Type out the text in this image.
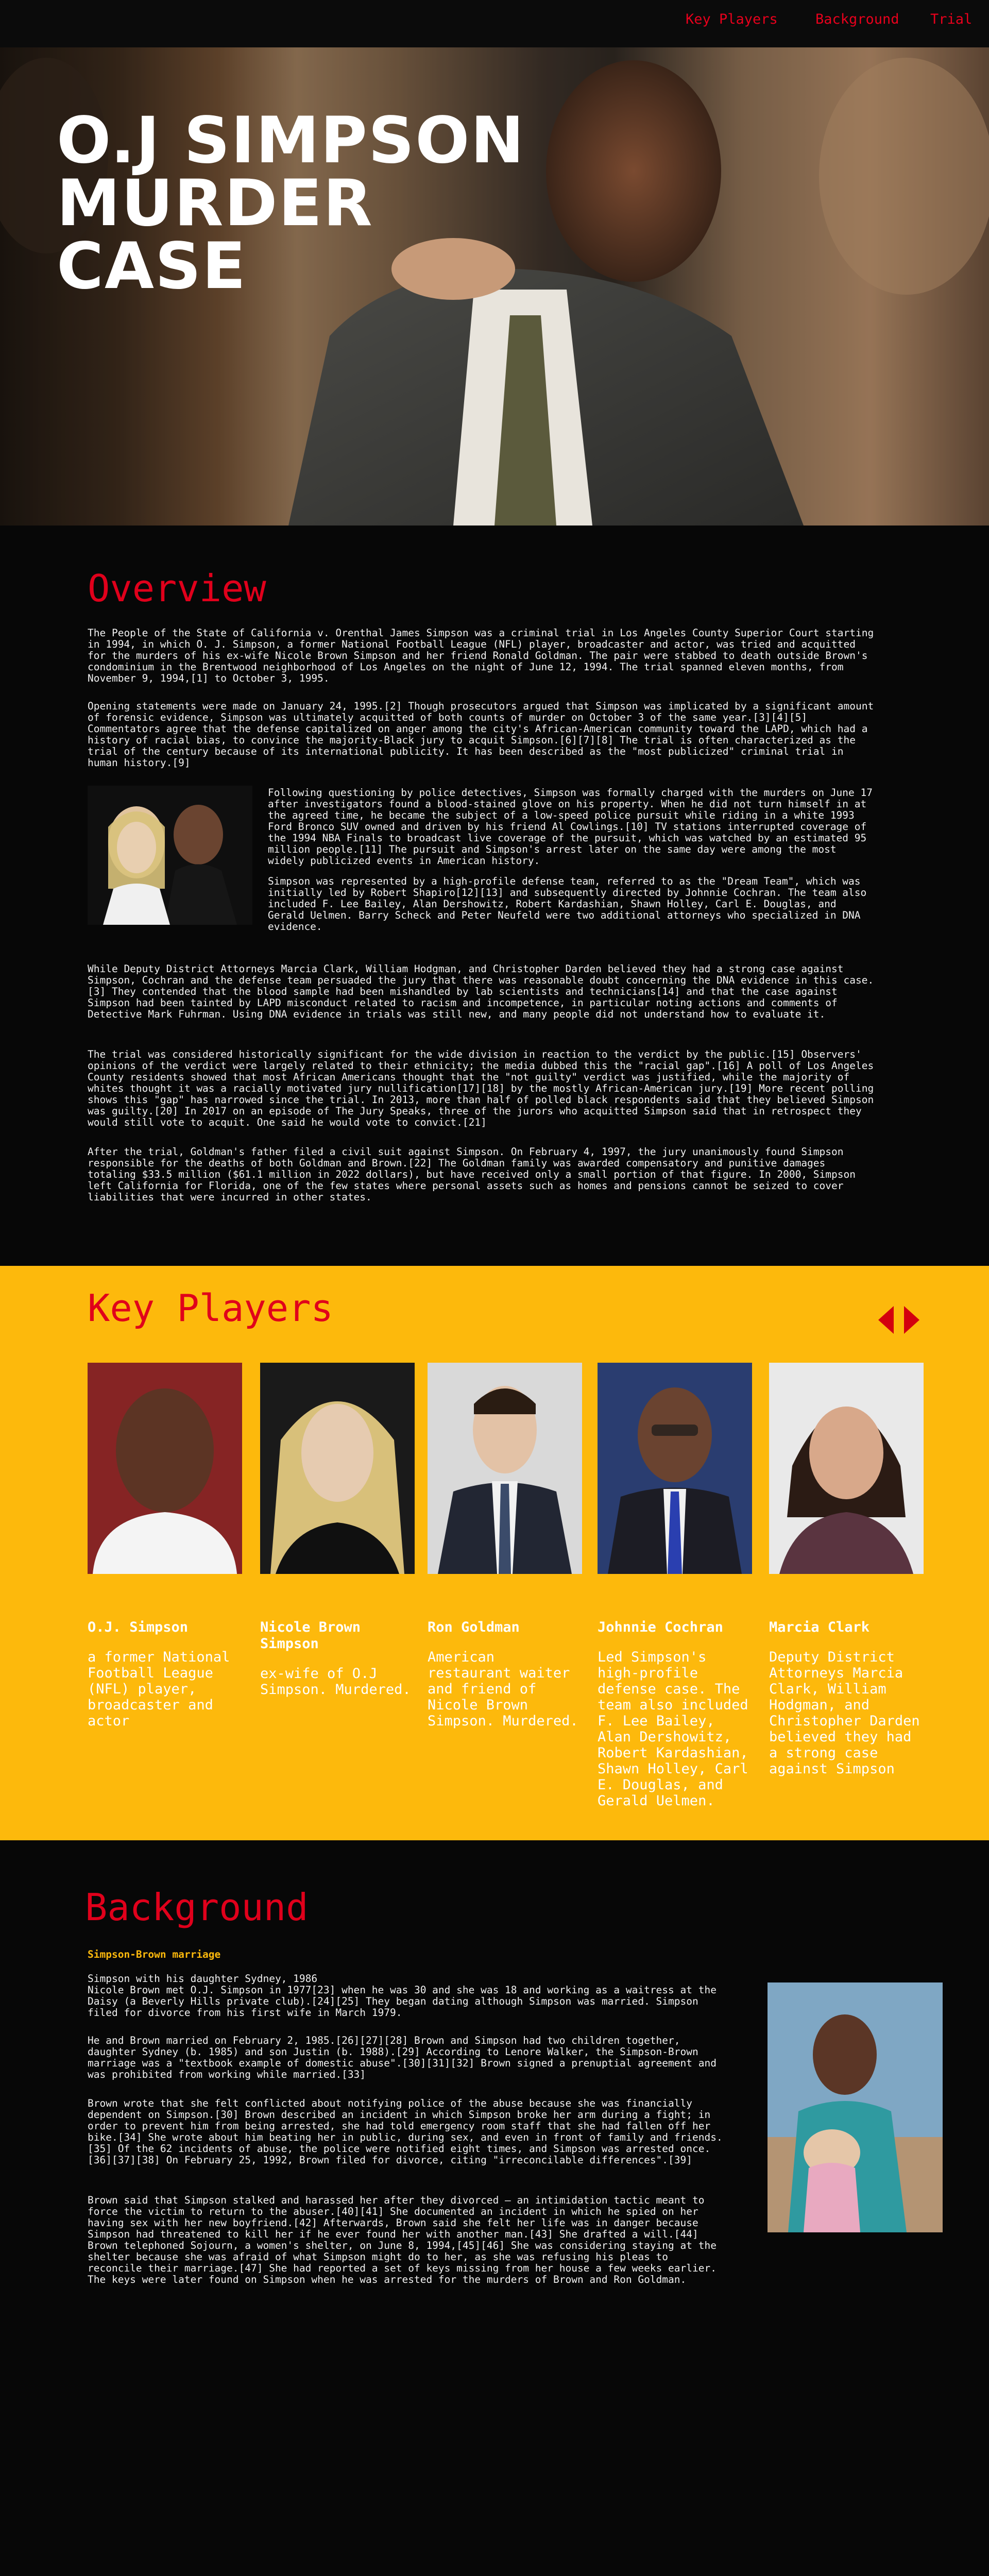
Key Players	Background Trial
O.J SIMPSON
MURDER
CASE
Overview

The People of the State of California v. Orenthal James Simpson was a criminal trial in Los Angeles County Superior Court starting in 1994, in which O. J. Simpson, a former National Football League (NFL) player, broadcaster and actor, was tried and acquitted for the murders of his ex-wife Nicole Brown Simpson and her friend Ronald Goldman. The pair were stabbed to death outside Brown's condominium in the Brentwood neighborhood of Los Angeles on the night of June 12, 1994. The trial spanned eleven months, from November 9, 1994,[1] to October 3, 1995.

Opening statements were made on January 24, 1995.[2] Though prosecutors argued that Simpson was implicated by a significant amount of forensic evidence, Simpson was ultimately acquitted of both counts of murder on October 3 of the same year.[3][4][5] Commentators agree that the defense capitalized on anger among the city's African-American community toward the LAPD, which had a history of racial bias, to convince the majority-Black jury to acquit Simpson.[6][7][8] The trial is often characterized as the trial of the century because of its international publicity. It has been described as the "most publicized" criminal trial in human history.[9]

Following questioning by police detectives, Simpson was formally charged with the murders on June 17 after investigators found a blood-stained glove on his property. When he did not turn himself in at the agreed time, he became the subject of a low-speed police pursuit while riding in a white 1993 Ford Bronco SUV owned and driven by his friend Al Cowlings.[10] TV stations interrupted coverage of the 1994 NBA Finals to broadcast live coverage of the pursuit, which was watched by an estimated 95 million people.[11] The pursuit and Simpson's arrest later on the same day were among the most widely publicized events in American history.

Simpson was represented by a high-profile defense team, referred to as the "Dream Team", which was initially led by Robert Shapiro[12][13] and subsequently directed by Johnnie Cochran. The team also included F. Lee Bailey, Alan Dershowitz, Robert Kardashian, Shawn Holley, Carl E. Douglas, and Gerald Uelmen. Barry Scheck and Peter Neufeld were two additional attorneys who specialized in DNA evidence.

While Deputy District Attorneys Marcia Clark, William Hodgman, and Christopher Darden believed they had a strong case against Simpson, Cochran and the defense team persuaded the jury that there was reasonable doubt concerning the DNA evidence in this case.[3] They contended that the blood sample had been mishandled by lab scientists and technicians[14] and that the case against Simpson had been tainted by LAPD misconduct related to racism and incompetence, in particular noting actions and comments of Detective Mark Fuhrman. Using DNA evidence in trials was still new, and many people did not understand how to evaluate it.

The trial was considered historically significant for the wide division in reaction to the verdict by the public.[15] Observers' opinions of the verdict were largely related to their ethnicity; the media dubbed this the "racial gap".[16] A poll of Los Angeles County residents showed that most African Americans thought that the "not guilty" verdict was justified, while the majority of whites thought it was a racially motivated jury nullification[17][18] by the mostly African-American jury.[19] More recent polling shows this "gap" has narrowed since the trial. In 2013, more than half of polled black respondents said that they believed Simpson was guilty.[20] In 2017 on an episode of The Jury Speaks, three of the jurors who acquitted Simpson said that in retrospect they would still vote to acquit. One said he would vote to convict.[21]

After the trial, Goldman's father filed a civil suit against Simpson. On February 4, 1997, the jury unanimously found Simpson responsible for the deaths of both Goldman and Brown.[22] The Goldman family was awarded compensatory and punitive damages totaling $33.5 million ($61.1 million in 2022 dollars), but have received only a small portion of that figure. In 2000, Simpson left California for Florida, one of the few states where personal assets such as homes and pensions cannot be seized to cover liabilities that were incurred in other states.

Key Players
O.J. Simpson
a former National Football League (NFL) player, broadcaster and actor
Nicole Brown Simpson
ex-wife of O.J Simpson. Murdered.
Ron Goldman
American restaurant waiter and friend of Nicole Brown Simpson. Murdered.
Johnnie Cochran
Led Simpson's high-profile defense case. The team also included F. Lee Bailey, Alan Dershowitz, Robert Kardashian, Shawn Holley, Carl E. Douglas, and Gerald Uelmen.
Marcia Clark
Deputy District Attorneys Marcia Clark, William Hodgman, and Christopher Darden believed they had a strong case against Simpson
Background
Simpson-Brown marriage

Simpson with his daughter Sydney, 1986

Nicole Brown met O.J. Simpson in 1977[23] when he was 30 and she was 18 and working as a waitress at the Daisy (a Beverly Hills private club).[24][25] They began dating although Simpson was married. Simpson filed for divorce from his first wife in March 1979.

He and Brown married on February 2, 1985.[26][27][28] Brown and Simpson had two children together, daughter Sydney (b. 1985) and son Justin (b. 1988).[29] According to Lenore Walker, the Simpson-Brown marriage was a "textbook example of domestic abuse".[30][31][32] Brown signed a prenuptial agreement and was prohibited from working while married.[33]

Brown wrote that she felt conflicted about notifying police of the abuse because she was financially dependent on Simpson.[30] Brown described an incident in which Simpson broke her arm during a fight; in order to prevent him from being arrested, she had told emergency room staff that she had fallen off her bike.[34] She wrote about him beating her in public, during sex, and even in front of family and friends.[35] Of the 62 incidents of abuse, the police were notified eight times, and Simpson was arrested once.[36][37][38] On February 25, 1992, Brown filed for divorce, citing "irreconcilable differences".[39]

Brown said that Simpson stalked and harassed her after they divorced – an intimidation tactic meant to force the victim to return to the abuser.[40][41] She documented an incident in which he spied on her having sex with her new boyfriend.[42] Afterwards, Brown said she felt her life was in danger because Simpson had threatened to kill her if he ever found her with another man.[43] She drafted a will.[44] Brown telephoned Sojourn, a women's shelter, on June 8, 1994,[45][46] She was considering staying at the shelter because she was afraid of what Simpson might do to her, as she was refusing his pleas to reconcile their marriage.[47] She had reported a set of keys missing from her house a few weeks earlier. The keys were later found on Simpson when he was arrested for the murders of Brown and Ron Goldman.
